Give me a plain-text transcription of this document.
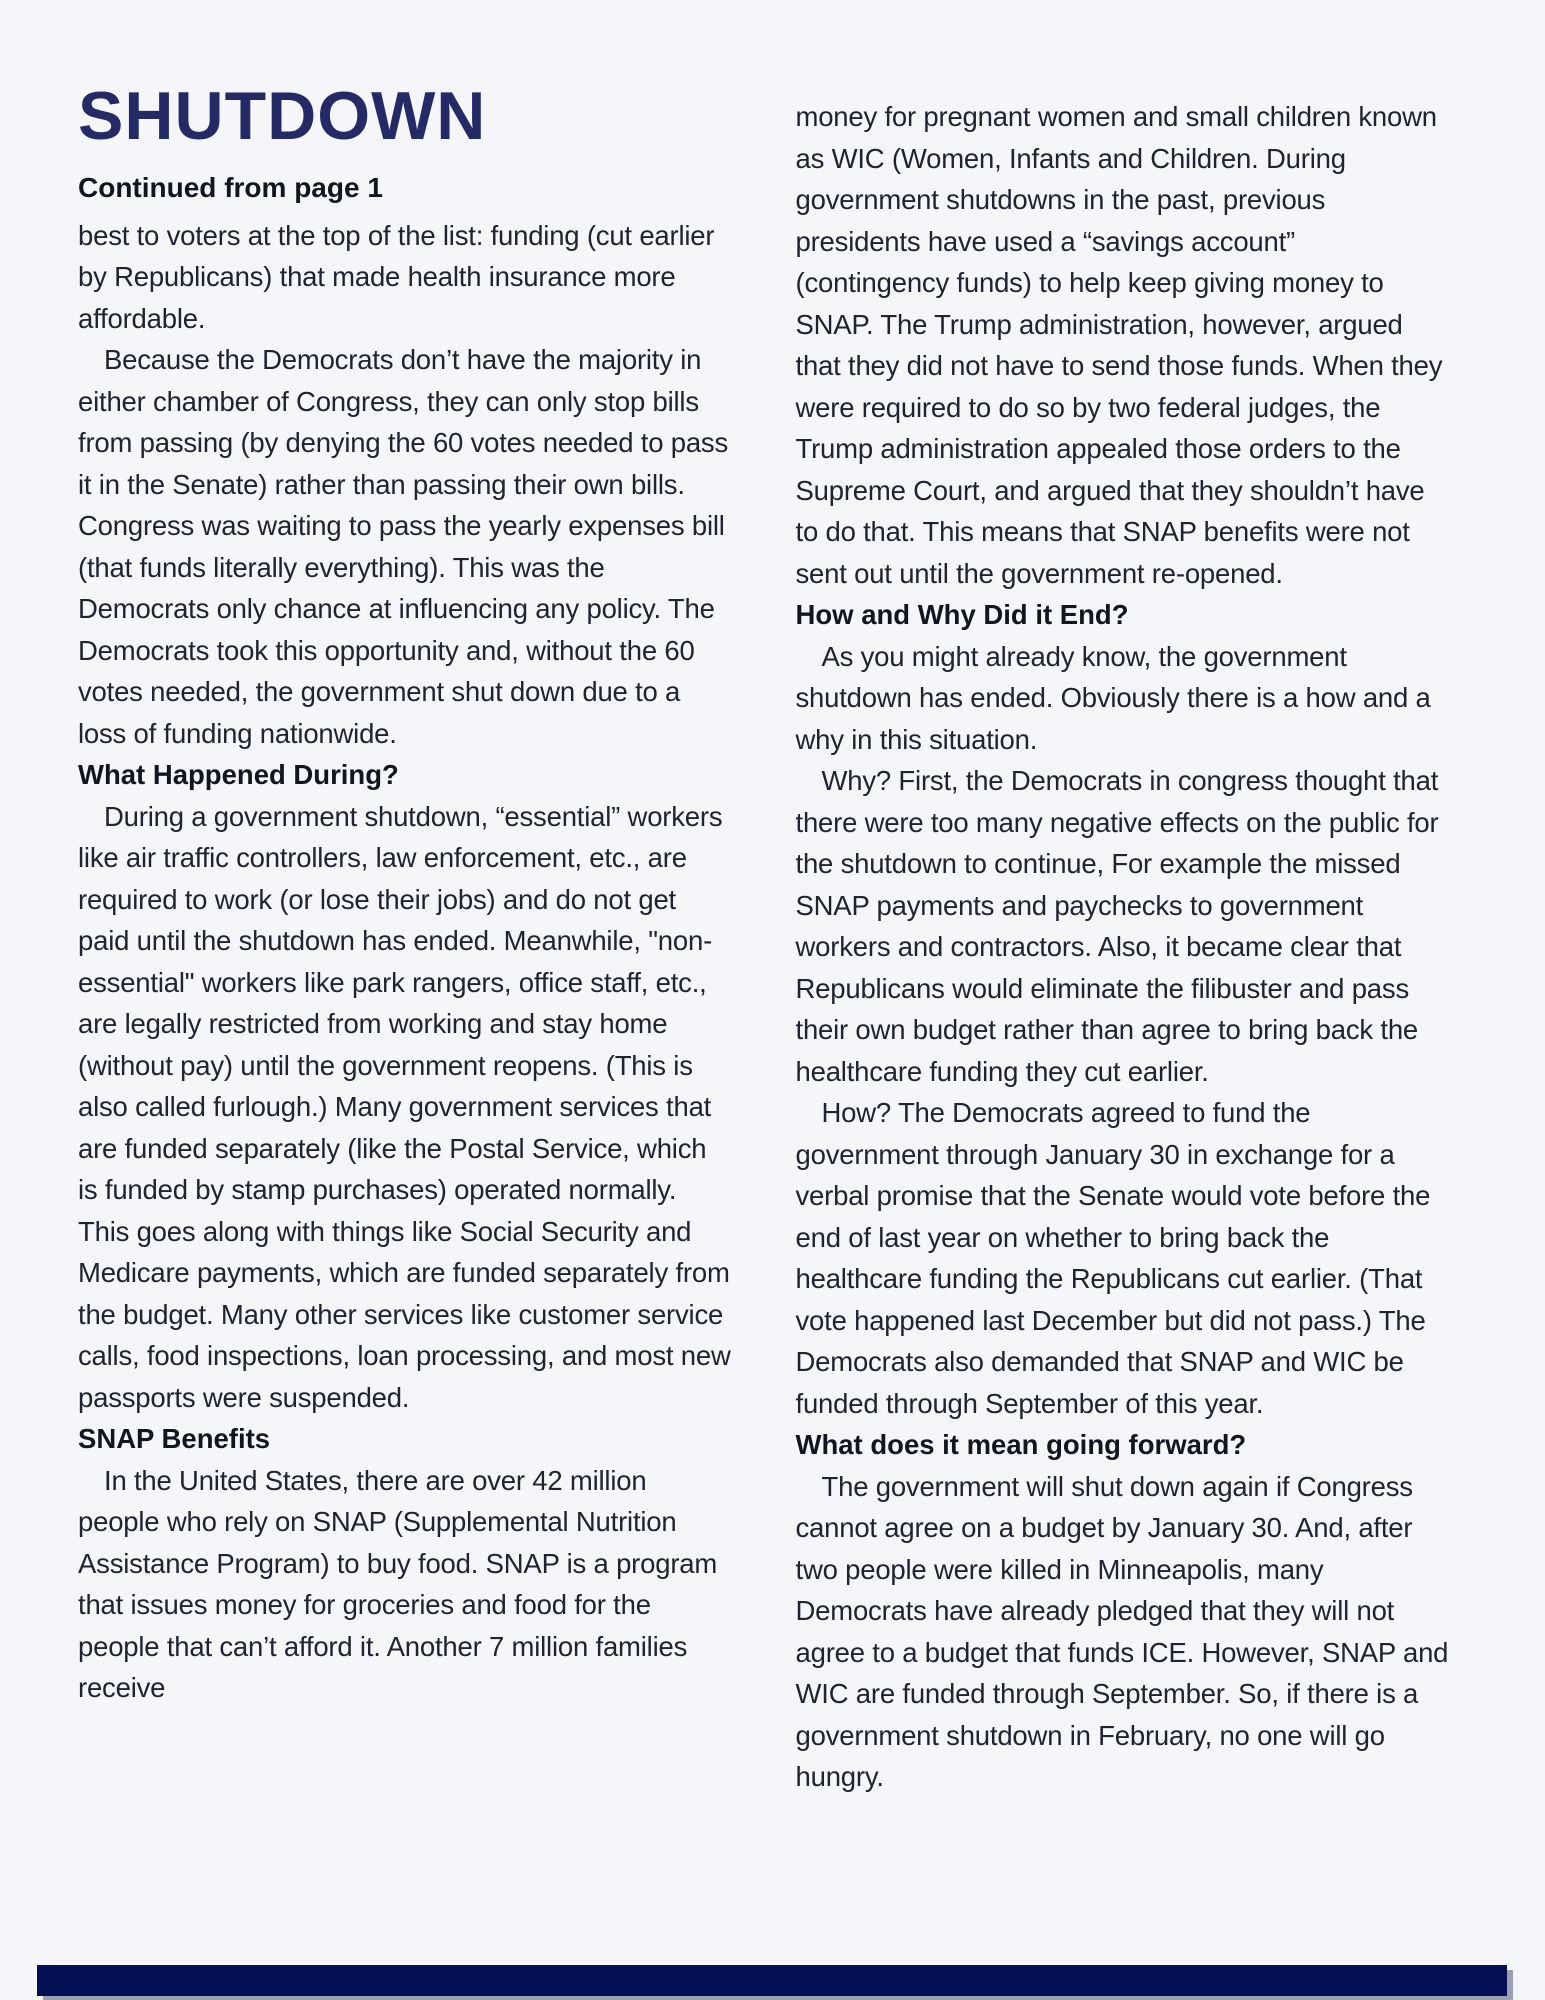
SHUTDOWN

Continued from page 1

best to voters at the top of the list: funding (cut earlier by Republicans) that made health insurance more affordable.

Because the Democrats don’t have the majority in either chamber of Congress, they can only stop bills from passing (by denying the 60 votes needed to pass it in the Senate) rather than passing their own bills. Congress was waiting to pass the yearly expenses bill (that funds literally everything). This was the Democrats only chance at influencing any policy. The Democrats took this opportunity and, without the 60 votes needed, the government shut down due to a loss of funding nationwide.

What Happened During?

During a government shutdown, “essential” workers like air traffic controllers, law enforcement, etc., are required to work (or lose their jobs) and do not get paid until the shutdown has ended. Meanwhile, "non-essential" workers like park rangers, office staff, etc., are legally restricted from working and stay home (without pay) until the government reopens. (This is also called furlough.) Many government services that are funded separately (like the Postal Service, which is funded by stamp purchases) operated normally. This goes along with things like Social Security and Medicare payments, which are funded separately from the budget. Many other services like customer service calls, food inspections, loan processing, and most new passports were suspended.

SNAP Benefits

In the United States, there are over 42 million people who rely on SNAP (Supplemental Nutrition Assistance Program) to buy food. SNAP is a program that issues money for groceries and food for the people that can’t afford it. Another 7 million families receive

money for pregnant women and small children known as WIC (Women, Infants and Children. During government shutdowns in the past, previous presidents have used a “savings account” (contingency funds) to help keep giving money to SNAP. The Trump administration, however, argued that they did not have to send those funds. When they were required to do so by two federal judges, the Trump administration appealed those orders to the Supreme Court, and argued that they shouldn’t have to do that. This means that SNAP benefits were not sent out until the government re-opened.

How and Why Did it End?

As you might already know, the government shutdown has ended. Obviously there is a how and a why in this situation.

Why? First, the Democrats in congress thought that there were too many negative effects on the public for the shutdown to continue, For example the missed SNAP payments and paychecks to government workers and contractors. Also, it became clear that Republicans would eliminate the filibuster and pass their own budget rather than agree to bring back the healthcare funding they cut earlier.

How? The Democrats agreed to fund the government through January 30 in exchange for a verbal promise that the Senate would vote before the end of last year on whether to bring back the healthcare funding the Republicans cut earlier. (That vote happened last December but did not pass.) The Democrats also demanded that SNAP and WIC be funded through September of this year.

What does it mean going forward?

The government will shut down again if Congress cannot agree on a budget by January 30. And, after two people were killed in Minneapolis, many Democrats have already pledged that they will not agree to a budget that funds ICE. However, SNAP and WIC are funded through September. So, if there is a government shutdown in February, no one will go hungry.
